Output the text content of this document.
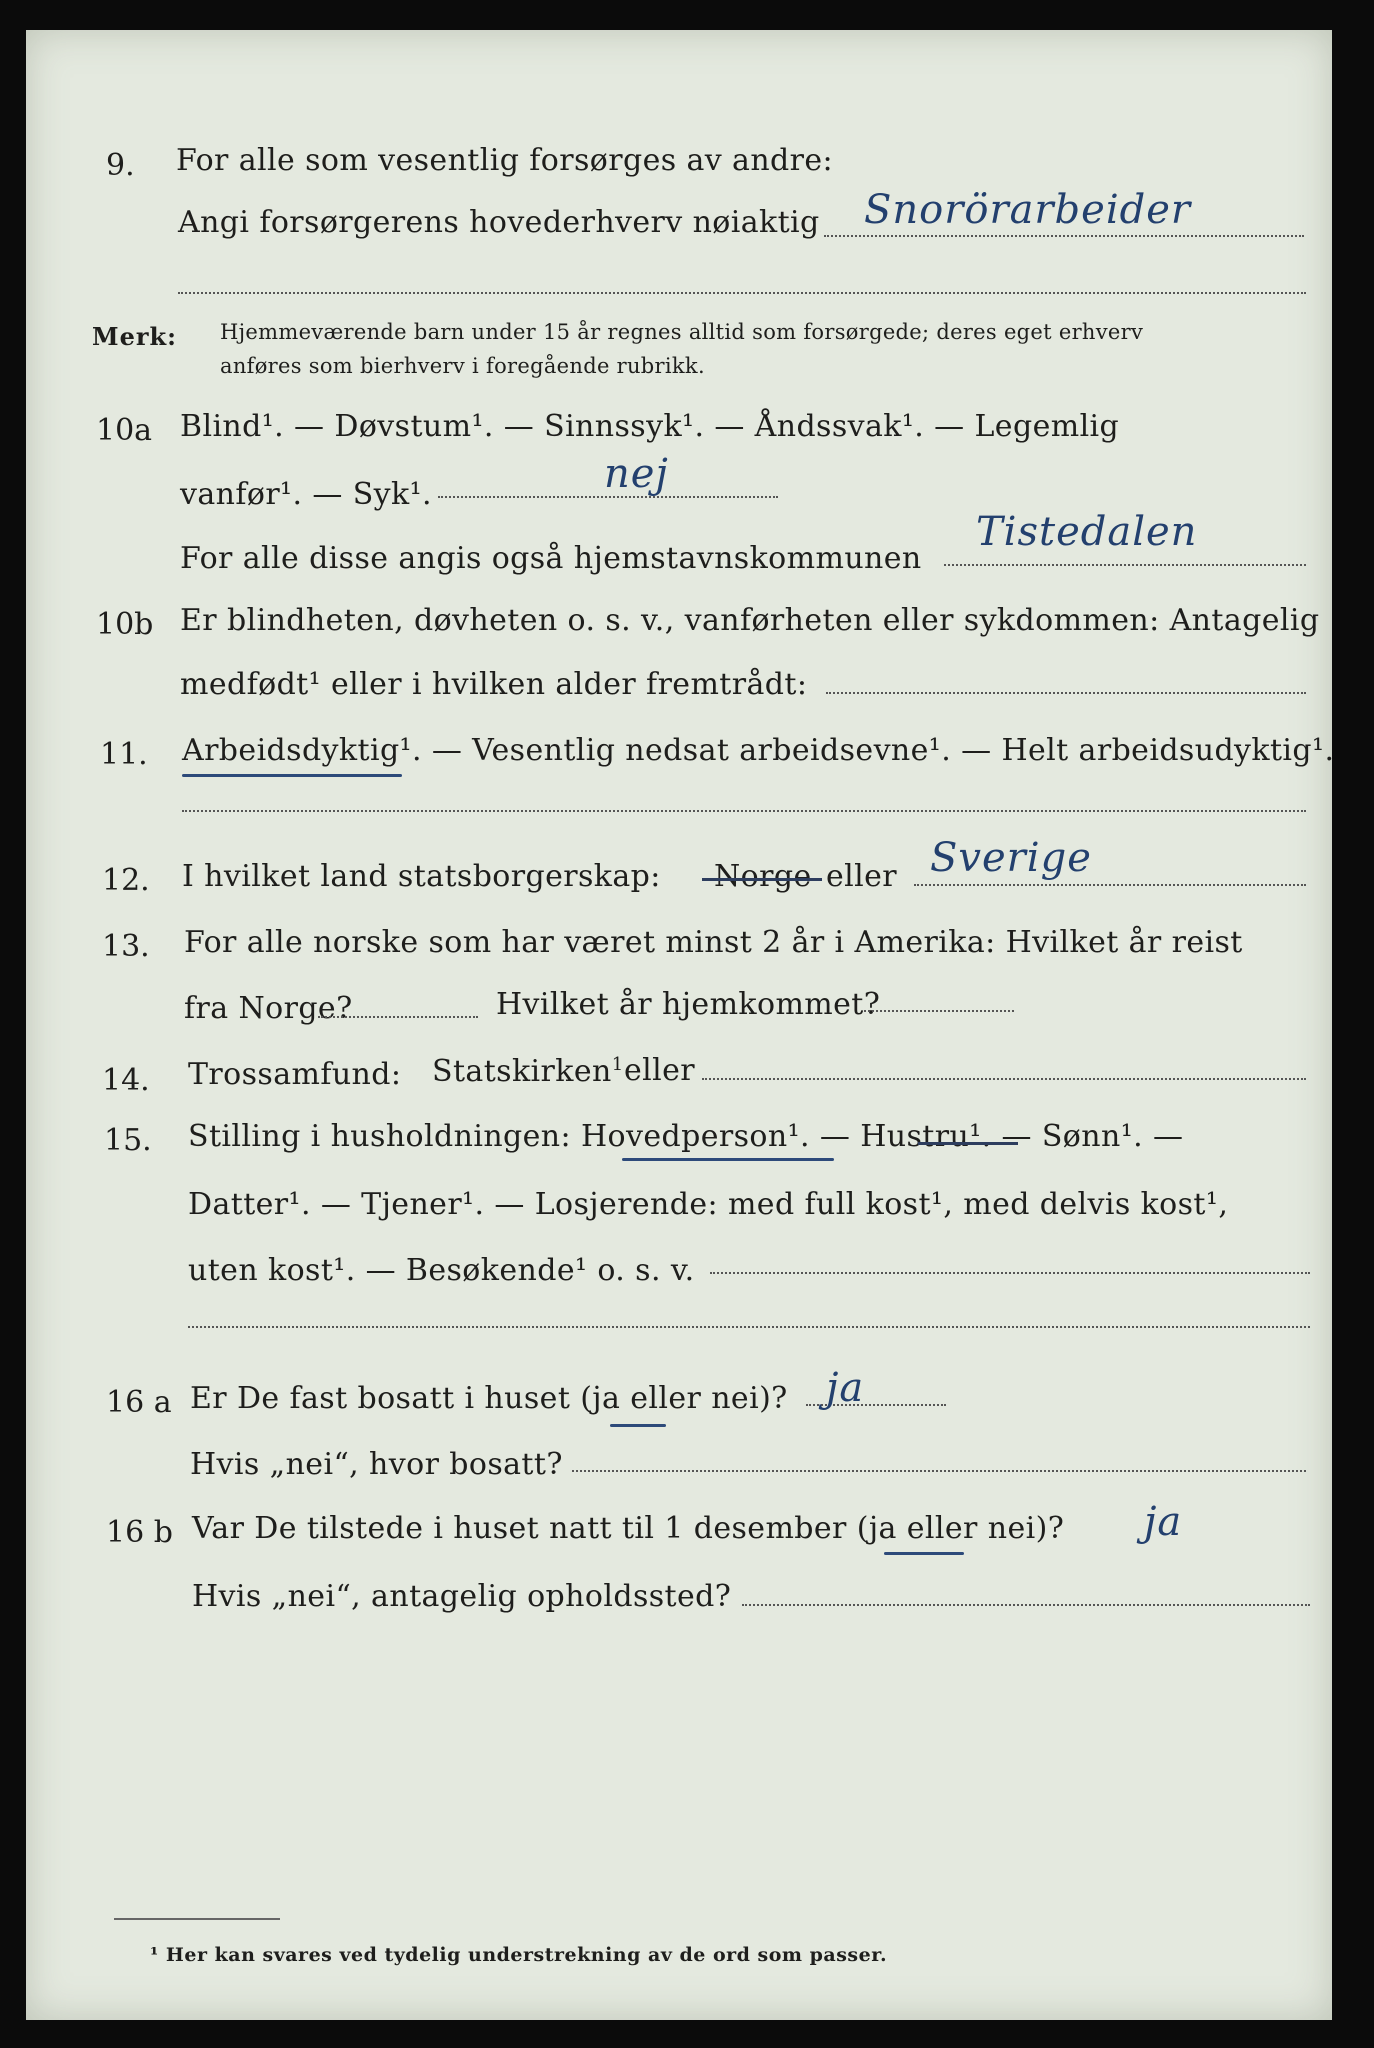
9. For alle som vesentlig forsørges av andre:
Angi forsørgerens hovederhverv nøiaktig Snorörarbeider
Merk: Hjemmeværende barn under 15 år regnes alltid som forsørgede; deres eget erhverv
anføres som bierhverv i foregående rubrikk.
10a Blind¹. — Døvstum¹. — Sinnssyk¹. — Åndssvak¹. — Legemlig
vanfør¹. — Syk¹.	nej
For alle disse angis også hjemstavnskommunen
Tistedalen
10b Er blindheten, døvheten o. s. v., vanførheten eller sykdommen: Antagelig
medfødt¹ eller i hvilken alder fremtrådt:
11. Arbeidsdyktig¹. — Vesentlig nedsat arbeidsevne¹. — Helt arbeidsudyktig¹.
12. I hvilket land statsborgerskap: Norge eller Sverige
13. For alle norske som har været minst 2 år i Amerika: Hvilket år reist
fra Norge?	Hvilket år hjemkommet?
14. Trossamfund: Statskirken$^1$ eller
15. Stilling i husholdningen: Hovedperson¹. — Hustru¹. — Sønn¹. —
Datter¹. — Tjener¹. — Losjerende: med full kost¹, med delvis kost¹,
uten kost¹. — Besøkende¹ o. s. v.
16 a Er De fast bosatt i huset (ja eller nei)? ja
Hvis „nei“, hvor bosatt?
16 b Var De tilstede i huset natt til 1 desember (ja eller nei)? ja
Hvis „nei“, antagelig opholdssted?
¹ Her kan svares ved tydelig understrekning av de ord som passer.
